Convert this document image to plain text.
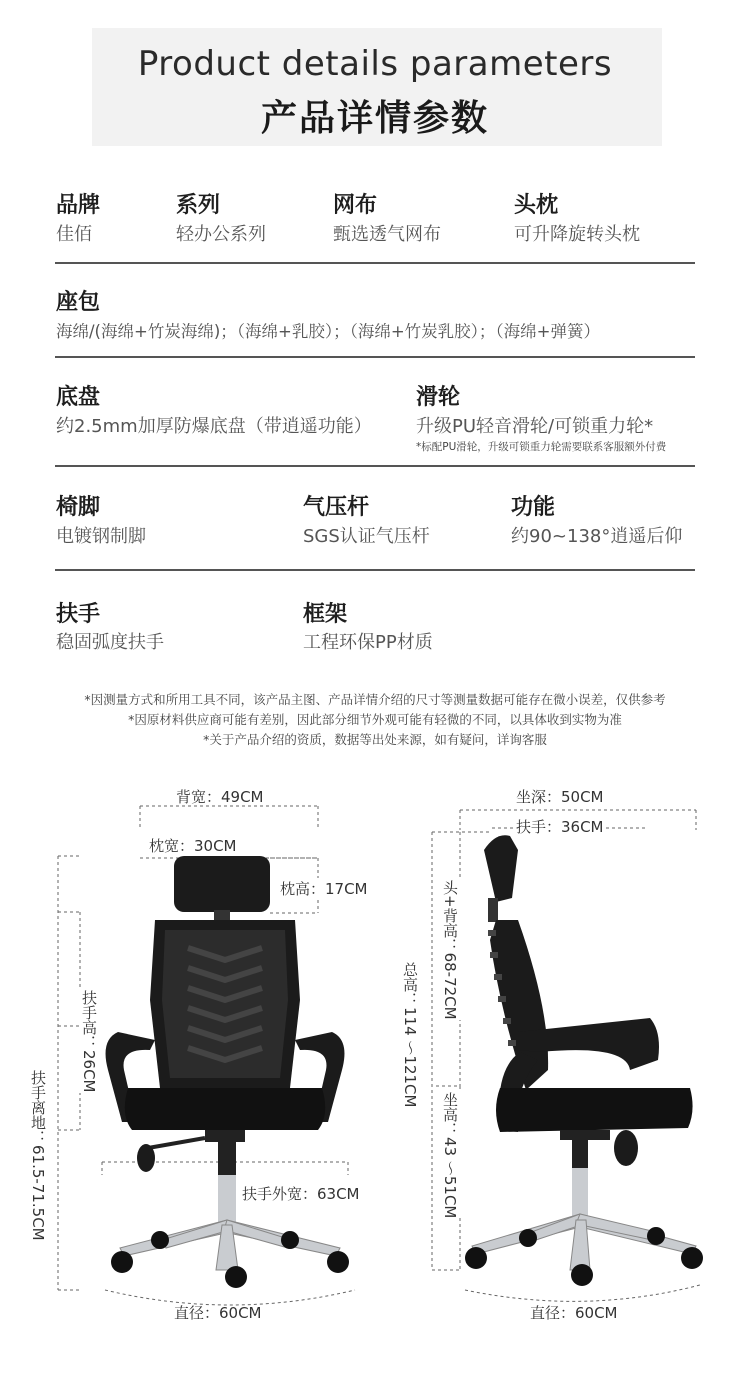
Product details parameters
产品详情参数
品牌
佳佰
系列
轻办公系列
网布
甄选透气网布
头枕
可升降旋转头枕
座包
海绵/(海绵+竹炭海绵)；（海绵+乳胶）；（海绵+竹炭乳胶）；（海绵+弹簧）
底盘
约2.5mm加厚防爆底盘（带逍遥功能）
滑轮
升级PU轻音滑轮/可锁重力轮*
*标配PU滑轮，升级可锁重力轮需要联系客服额外付费
椅脚
电镀钢制脚
气压杆
SGS认证气压杆
功能
约90~138°逍遥后仰
扶手
稳固弧度扶手
框架
工程环保PP材质
*因测量方式和所用工具不同，该产品主图、产品详情介绍的尺寸等测量数据可能存在微小误差，仅供参考
*因原材料供应商可能有差别，因此部分细节外观可能有轻微的不同，以具体收到实物为准
*关于产品介绍的资质，数据等出处来源，如有疑问，详询客服
背宽：49CM
枕宽：30CM
枕高：17CM
扶手高：26CM
扶手离地：61.5-71.5CM	扶手外宽：63CM
直径：60CM
坐深：50CM
扶手：36CM
头+背高：68-72CM
总高：114 ～121CM
坐高：43 ～51CM
直径：60CM
